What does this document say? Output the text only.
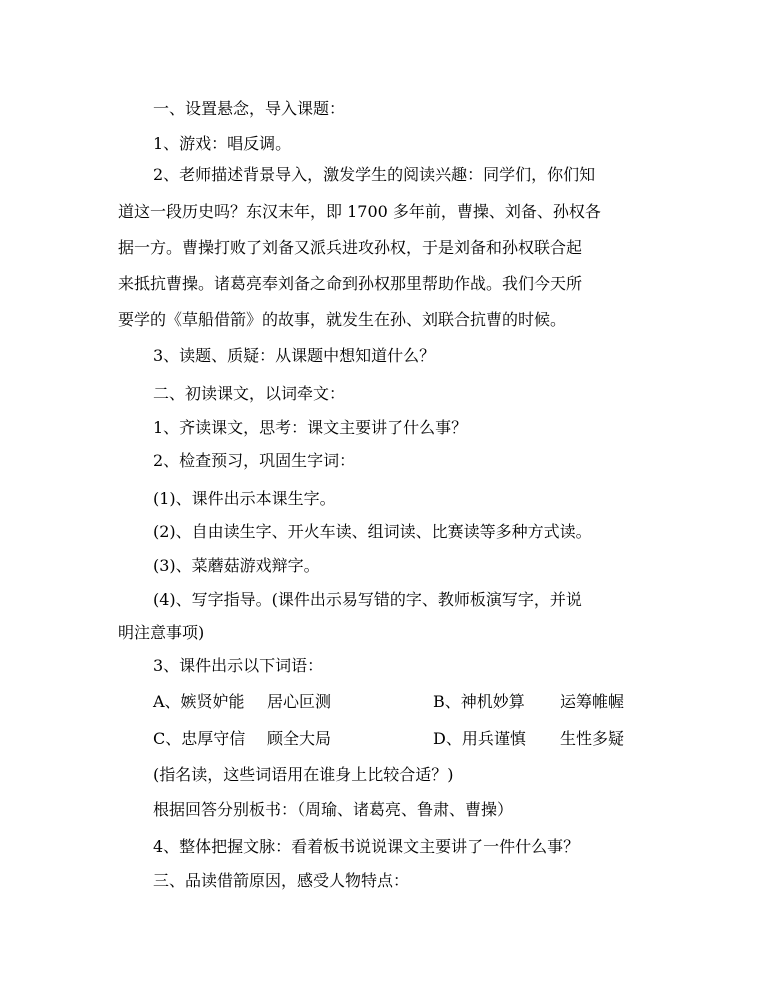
一、设置悬念，导入课题：
1、游戏：唱反调。
2、老师描述背景导入，激发学生的阅读兴趣：同学们，你们知
道这一段历史吗？东汉末年，即 1700 多年前，曹操、刘备、孙权各
据一方。曹操打败了刘备又派兵进攻孙权，于是刘备和孙权联合起
来抵抗曹操。诸葛亮奉刘备之命到孙权那里帮助作战。我们今天所
要学的《草船借箭》的故事，就发生在孙、刘联合抗曹的时候。
3、读题、质疑：从课题中想知道什么？
二、初读课文，以词牵文：
1、齐读课文，思考：课文主要讲了什么事？
2、检查预习，巩固生字词：
(1)、课件出示本课生字。
(2)、自由读生字、开火车读、组词读、比赛读等多种方式读。
(3)、菜蘑菇游戏辩字。
(4)、写字指导。(课件出示易写错的字、教师板演写字，并说
明注意事项)
3、课件出示以下词语：
A、嫉贤妒能 居心叵测	B、神机妙算 运筹帷幄
C、忠厚守信 顾全大局	D、用兵谨慎 生性多疑
(指名读，这些词语用在谁身上比较合适？)
根据回答分别板书：（周瑜、诸葛亮、鲁肃、曹操）
4、整体把握文脉：看着板书说说课文主要讲了一件什么事？
三、品读借箭原因，感受人物特点：
